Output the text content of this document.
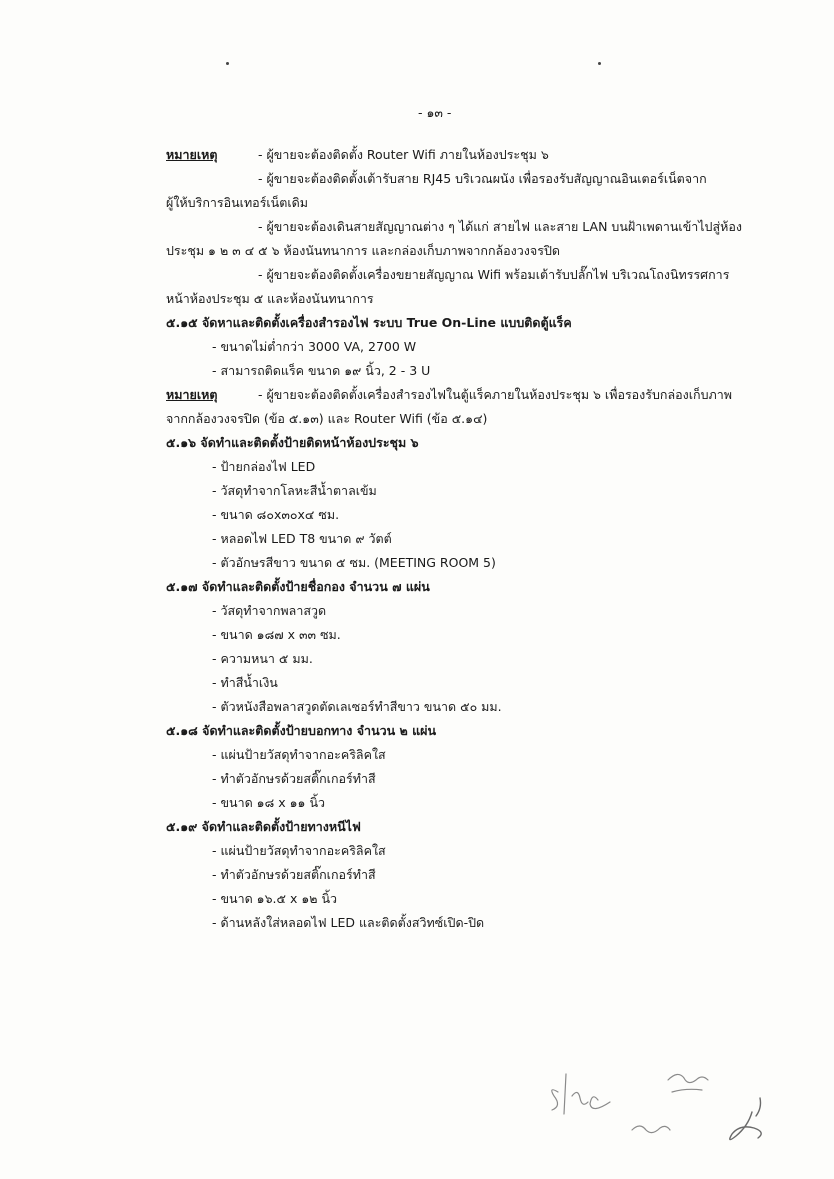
- ๑๓ -
หมายเหตุ	- ผู้ขายจะต้องติดตั้ง Router Wifi ภายในห้องประชุม ๖
- ผู้ขายจะต้องติดตั้งเต้ารับสาย RJ45 บริเวณผนัง เพื่อรองรับสัญญาณอินเตอร์เน็ตจาก
ผู้ให้บริการอินเทอร์เน็ตเดิม
- ผู้ขายจะต้องเดินสายสัญญาณต่าง ๆ ได้แก่ สายไฟ และสาย LAN บนฝ้าเพดานเข้าไปสู่ห้อง
ประชุม ๑ ๒ ๓ ๔ ๕ ๖ ห้องนันทนาการ และกล่องเก็บภาพจากกล้องวงจรปิด
- ผู้ขายจะต้องติดตั้งเครื่องขยายสัญญาณ Wifi พร้อมเต้ารับปลั๊กไฟ บริเวณโถงนิทรรศการ
หน้าห้องประชุม ๕ และห้องนันทนาการ
๕.๑๕ จัดหาและติดตั้งเครื่องสำรองไฟ ระบบ True On-Line แบบติดตู้แร็ค
- ขนาดไม่ต่ำกว่า 3000 VA, 2700 W
- สามารถติดแร็ค ขนาด ๑๙ นิ้ว, 2 - 3 U
หมายเหตุ	- ผู้ขายจะต้องติดตั้งเครื่องสำรองไฟในตู้แร็คภายในห้องประชุม ๖ เพื่อรองรับกล่องเก็บภาพ
จากกล้องวงจรปิด (ข้อ ๕.๑๓) และ Router Wifi (ข้อ ๕.๑๔)
๕.๑๖ จัดทำและติดตั้งป้ายติดหน้าห้องประชุม ๖
- ป้ายกล่องไฟ LED
- วัสดุทำจากโลหะสีน้ำตาลเข้ม
- ขนาด ๘๐x๓๐x๔ ซม.
- หลอดไฟ LED T8 ขนาด ๙ วัตต์
- ตัวอักษรสีขาว ขนาด ๕ ซม. (MEETING ROOM 5)
๕.๑๗ จัดทำและติดตั้งป้ายชื่อกอง จำนวน ๗ แผ่น
- วัสดุทำจากพลาสวูด
- ขนาด ๑๘๗ x ๓๓ ซม.
- ความหนา ๕ มม.
- ทำสีน้ำเงิน
- ตัวหนังสือพลาสวูดตัดเลเซอร์ทำสีขาว ขนาด ๕๐ มม.
๕.๑๘ จัดทำและติดตั้งป้ายบอกทาง จำนวน ๒ แผ่น
- แผ่นป้ายวัสดุทำจากอะคริลิคใส
- ทำตัวอักษรด้วยสติ๊กเกอร์ทำสี
- ขนาด ๑๘ x ๑๑ นิ้ว
๕.๑๙ จัดทำและติดตั้งป้ายทางหนีไฟ
- แผ่นป้ายวัสดุทำจากอะคริลิคใส
- ทำตัวอักษรด้วยสติ๊กเกอร์ทำสี
- ขนาด ๑๖.๕ x ๑๒ นิ้ว
- ด้านหลังใส่หลอดไฟ LED และติดตั้งสวิทซ์เปิด-ปิด
